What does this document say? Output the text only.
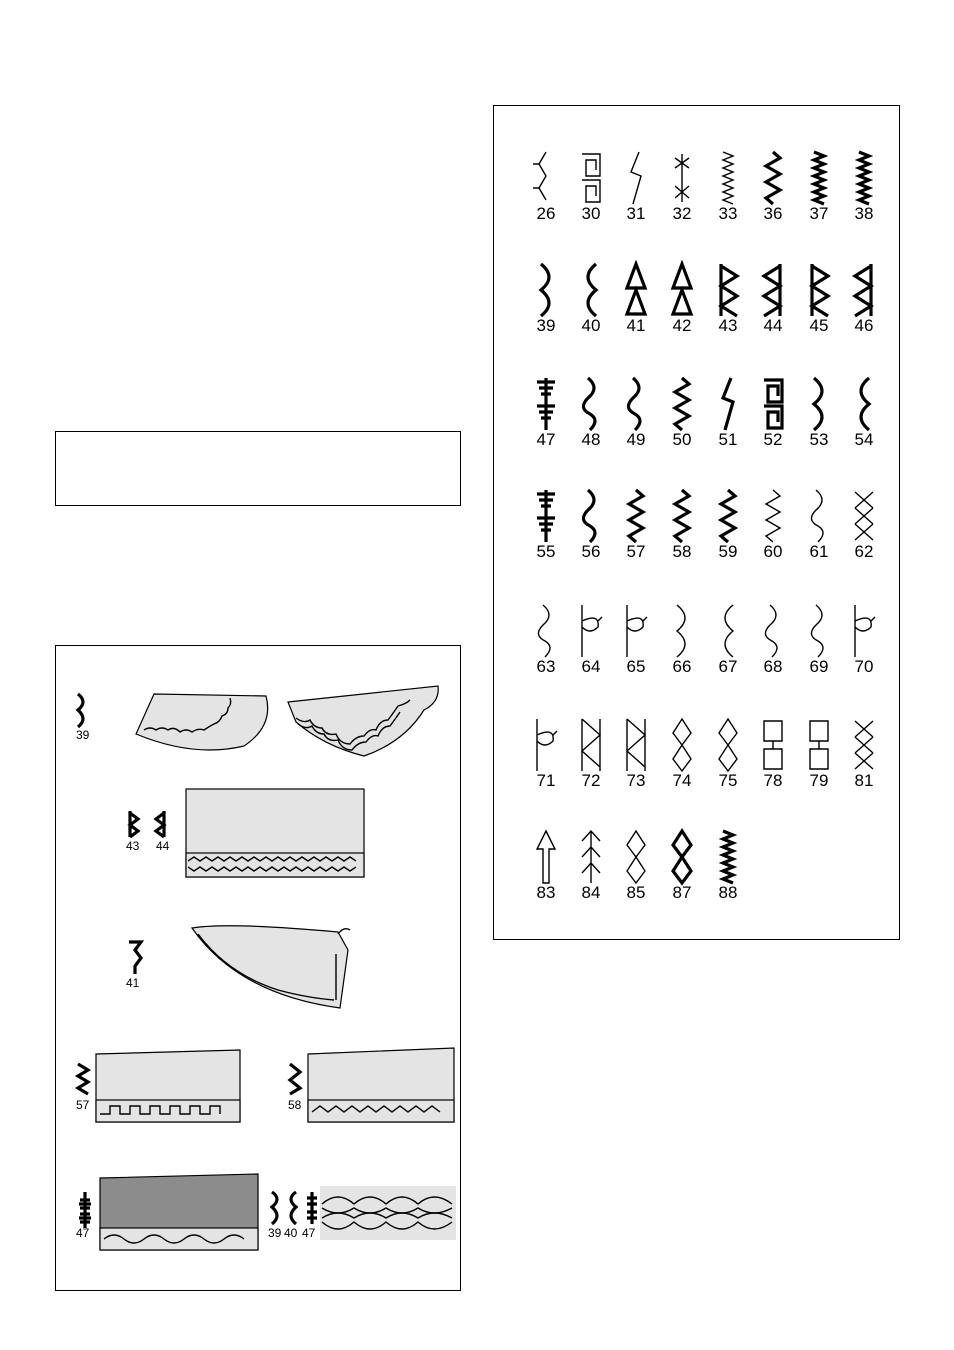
26	30	31	32	33	36	37	38
39	40	41	42	43	44	45	46
47	48	49	50	51	52	53	54
55	56	57	58	59	60	61	62
63	64	65	66	67	68	69	70
71	72	73	74	75	78	79	81
83	84	85	87	88
39
43 44
41
57	58
47	39 40 47
